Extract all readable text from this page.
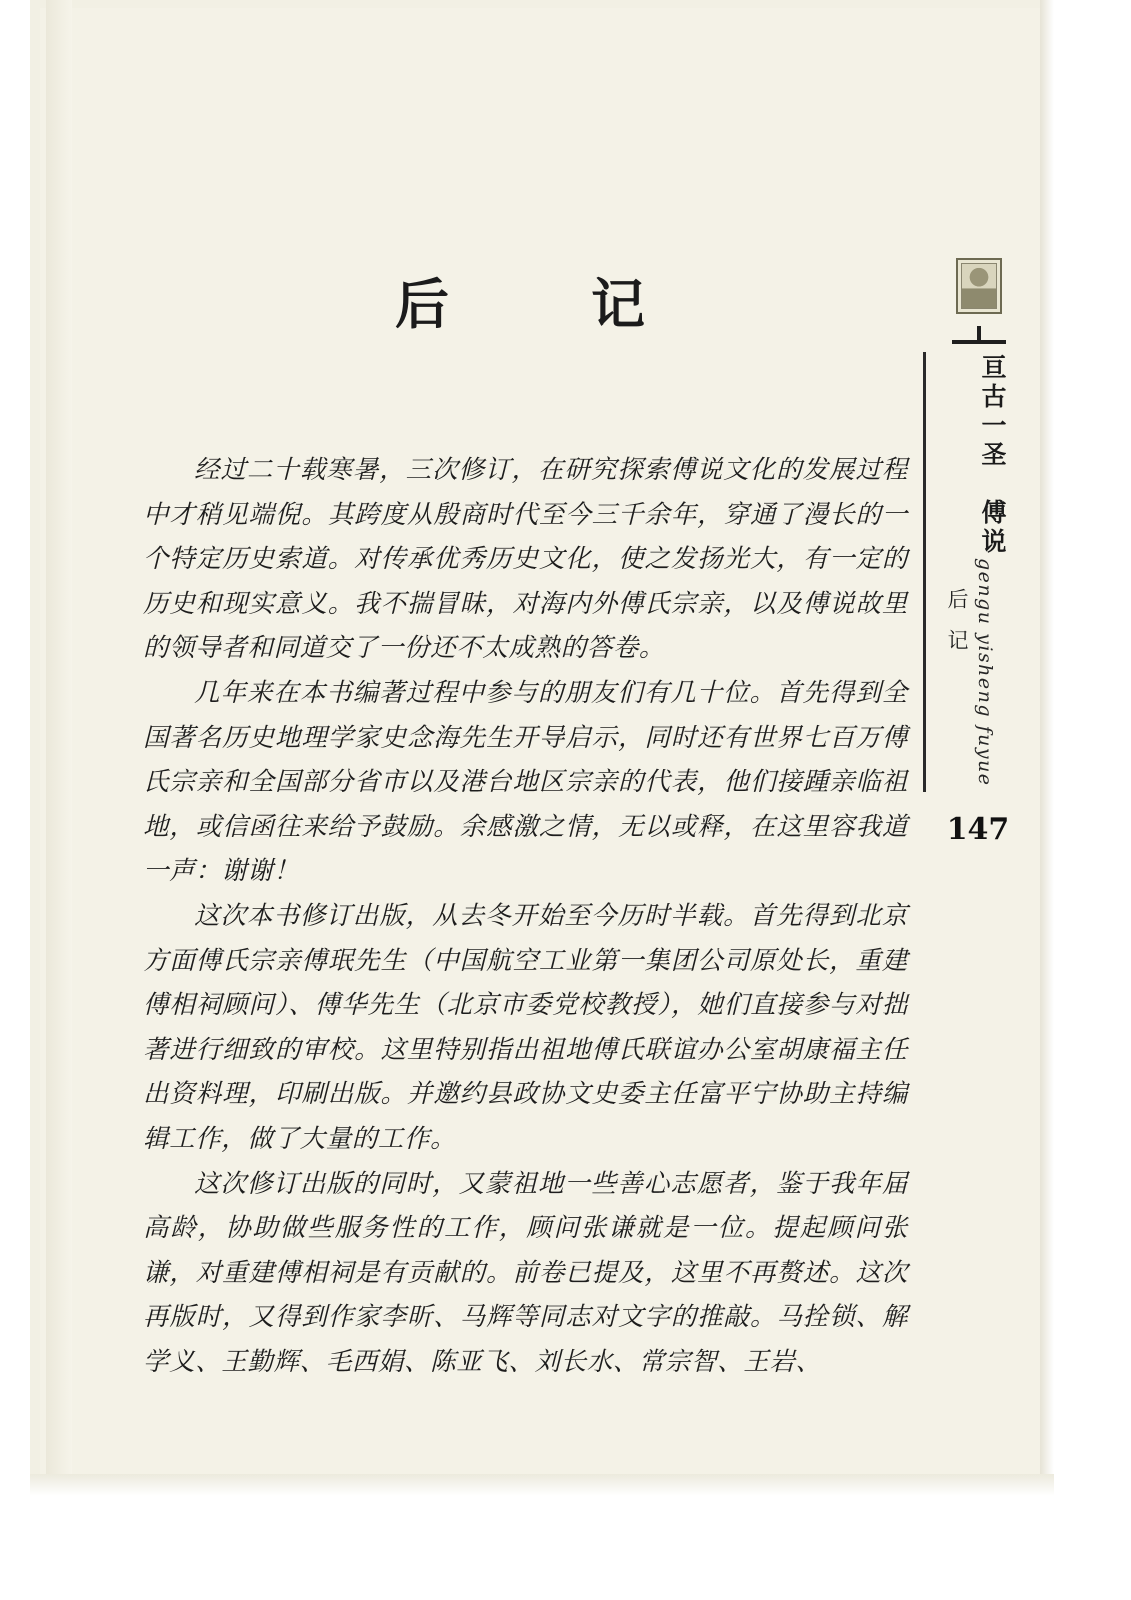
后　记

经过二十载寒暑，三次修订，在研究探索傅说文化的发展过程中才稍见端倪。其跨度从殷商时代至今三千余年，穿通了漫长的一个特定历史索道。对传承优秀历史文化，使之发扬光大，有一定的历史和现实意义。我不揣冒昧，对海内外傅氏宗亲，以及傅说故里的领导者和同道交了一份还不太成熟的答卷。

几年来在本书编著过程中参与的朋友们有几十位。首先得到全国著名历史地理学家史念海先生开导启示，同时还有世界七百万傅氏宗亲和全国部分省市以及港台地区宗亲的代表，他们接踵亲临祖地，或信函往来给予鼓励。余感激之情，无以或释，在这里容我道一声：谢谢！

这次本书修订出版，从去冬开始至今历时半载。首先得到北京方面傅氏宗亲傅珉先生（中国航空工业第一集团公司原处长，重建傅相祠顾问）、傅华先生（北京市委党校教授），她们直接参与对拙著进行细致的审校。这里特别指出祖地傅氏联谊办公室胡康福主任出资料理，印刷出版。并邀约县政协文史委主任富平宁协助主持编辑工作，做了大量的工作。

这次修订出版的同时，又蒙祖地一些善心志愿者，鉴于我年届高龄，协助做些服务性的工作，顾问张谦就是一位。提起顾问张谦，对重建傅相祠是有贡献的。前卷已提及，这里不再赘述。这次再版时，又得到作家李昕、马辉等同志对文字的推敲。马拴锁、解学义、王勤辉、毛西娟、陈亚飞、刘长水、常宗智、王岩、

亘古一圣　傅说
gengu yisheng fuyue
后记
147
